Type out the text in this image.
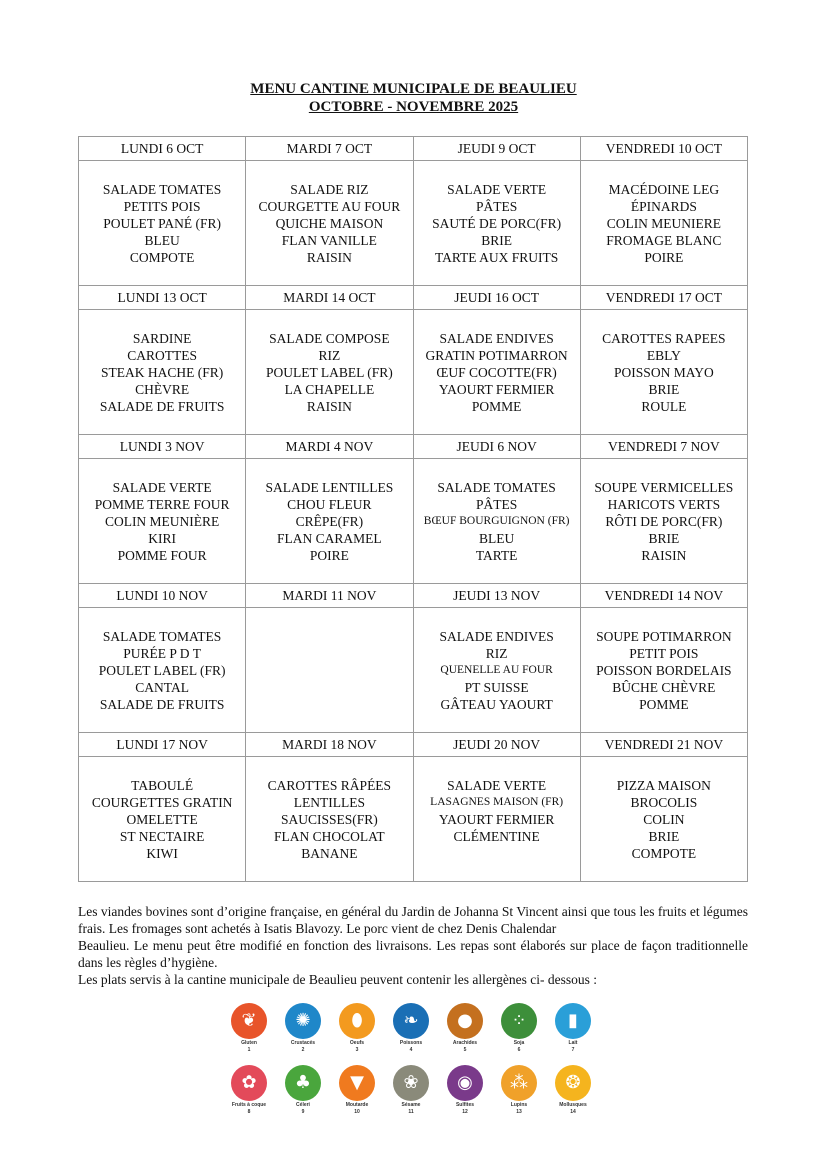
MENU CANTINE MUNICIPALE DE BEAULIEU
OCTOBRE - NOVEMBRE 2025
LUNDI 6 OCT	MARDI 7 OCT	JEUDI 9 OCT	VENDREDI 10 OCT

SALADE TOMATES
PETITS POIS
POULET PANÉ (FR)
BLEU
COMPOTE	SALADE RIZ
COURGETTE AU FOUR
QUICHE MAISON
FLAN VANILLE
RAISIN	SALADE VERTE
PÂTES
SAUTÉ DE PORC(FR)
BRIE
TARTE AUX FRUITS	MACÉDOINE LEG
ÉPINARDS
COLIN MEUNIERE
FROMAGE BLANC
POIRE

LUNDI 13 OCT	MARDI 14 OCT	JEUDI 16 OCT	VENDREDI 17 OCT

SARDINE
CAROTTES
STEAK HACHE (FR)
CHÈVRE
SALADE DE FRUITS	SALADE COMPOSE
RIZ
POULET LABEL (FR)
LA CHAPELLE
RAISIN	SALADE ENDIVES
GRATIN POTIMARRON
ŒUF COCOTTE(FR)
YAOURT FERMIER
POMME	CAROTTES RAPEES
EBLY
POISSON MAYO
BRIE
ROULE

LUNDI 3 NOV	MARDI 4 NOV	JEUDI 6 NOV	VENDREDI 7 NOV

SALADE VERTE
POMME TERRE FOUR
COLIN MEUNIÈRE
KIRI
POMME FOUR	SALADE LENTILLES
CHOU FLEUR
CRÊPE(FR)
FLAN CARAMEL
POIRE	SALADE TOMATES
PÂTES
BŒUF BOURGUIGNON (FR)
BLEU
TARTE	SOUPE VERMICELLES
HARICOTS VERTS
RÔTI DE PORC(FR)
BRIE
RAISIN

LUNDI 10 NOV	MARDI 11 NOV	JEUDI 13 NOV	VENDREDI 14 NOV

SALADE TOMATES
PURÉE P D T
POULET LABEL (FR)
CANTAL
SALADE DE FRUITS		SALADE ENDIVES
RIZ
QUENELLE AU FOUR
PT SUISSE
GÂTEAU YAOURT	SOUPE POTIMARRON
PETIT POIS
POISSON BORDELAIS
BÛCHE CHÈVRE
POMME

LUNDI 17 NOV	MARDI 18 NOV	JEUDI 20 NOV	VENDREDI 21 NOV

TABOULÉ
COURGETTES GRATIN
OMELETTE
ST NECTAIRE
KIWI	CAROTTES RÂPÉES
LENTILLES
SAUCISSES(FR)
FLAN CHOCOLAT
BANANE	SALADE VERTE
LASAGNES MAISON (FR)
YAOURT FERMIER
CLÉMENTINE	PIZZA MAISON
BROCOLIS
COLIN
BRIE
COMPOTE

Les viandes bovines sont d’origine française, en général du Jardin de Johanna St Vincent ainsi que tous les fruits et légumes frais. Les fromages sont achetés à Isatis Blavozy. Le porc vient de chez Denis Chalendar

Beaulieu. Le menu peut être modifié en fonction des livraisons. Les repas sont élaborés sur place de façon traditionnelle dans les règles d’hygiène.

Les plats servis à la cantine municipale de Beaulieu peuvent contenir les allergènes ci- dessous :

❦
Gluten
1
✺
Crustacés
2
⬮
Oeufs
3
❧
Poissons
4
●
Arachides
5
⁘
Soja
6
▮
Lait
7
✿
Fruits à coque
8
♣
Céleri
9
▼
Moutarde
10
❀
Sésame
11
◉
Sulfites
12
⁂
Lupins
13
❂
Mollusques
14
